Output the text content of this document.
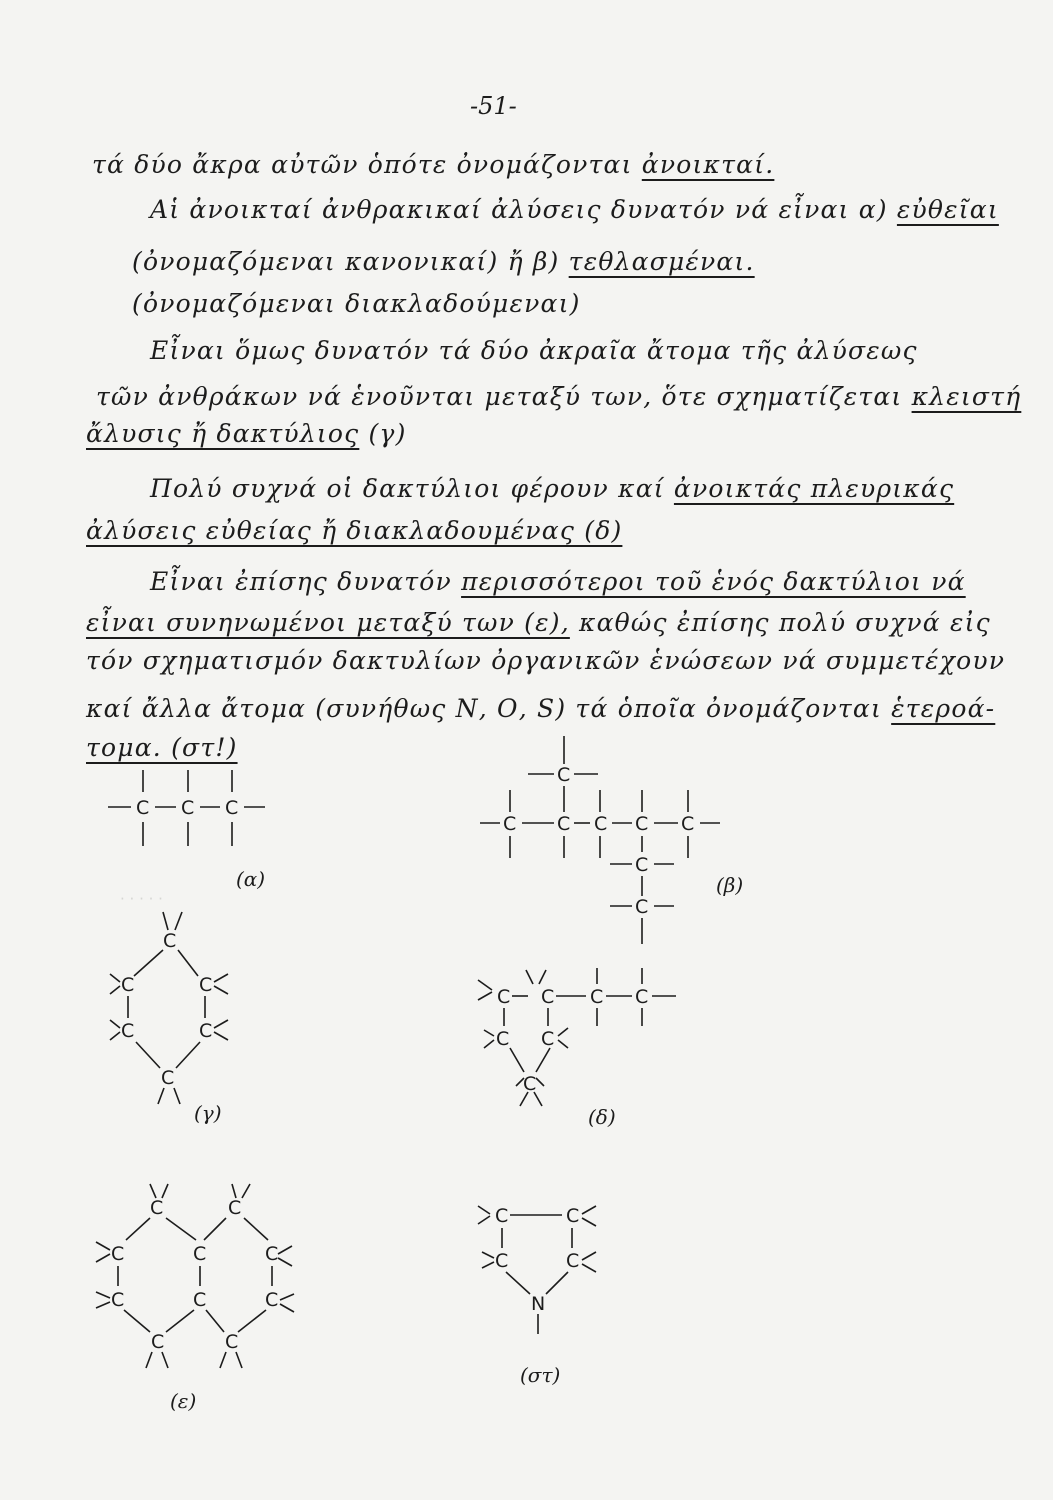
· · · · ·
-51-
τά δύο ἄκρα αὐτῶν ὁπότε ὀνομάζονται ἀνοικταί.
Αἱ ἀνοικταί ἀνθρακικαί ἀλύσεις δυνατόν νά εἶναι α) εὐθεῖαι
(ὀνομαζόμεναι κανονικαί) ἤ β) τεθλασμέναι.
(ὀνομαζόμεναι διακλαδούμεναι)
Εἶναι ὅμως δυνατόν τά δύο ἀκραῖα ἄτομα τῆς ἀλύσεως
τῶν ἀνθράκων νά ἑνοῦνται μεταξύ των, ὅτε σχηματίζεται κλειστή
ἄλυσις ἤ δακτύλιος (γ)
Πολύ συχνά οἱ δακτύλιοι φέρουν καί ἀνοικτάς πλευρικάς
ἀλύσεις εὐθείας ἤ διακλαδουμένας (δ)
Εἶναι ἐπίσης δυνατόν περισσότεροι τοῦ ἑνός δακτύλιοι νά
εἶναι συνηνωμένοι μεταξύ των (ε), καθώς ἐπίσης πολύ συχνά εἰς
τόν σχηματισμόν δακτυλίων ὀργανικῶν ἑνώσεων νά συμμετέχουν
καί ἄλλα ἄτομα (συνήθως Ν, Ο, S) τά ὁποῖα ὀνομάζονται ἑτεροά-
τομα. (στ!)
C C C
(α)
C
C C C C C
C
C
(β)
C
C	C
C	C
C
(γ)
C C C C
C C
C
(δ)
C	C
C	C	C
C	C	C
C	C
(ε)
C	C
C	C
N
(στ)
